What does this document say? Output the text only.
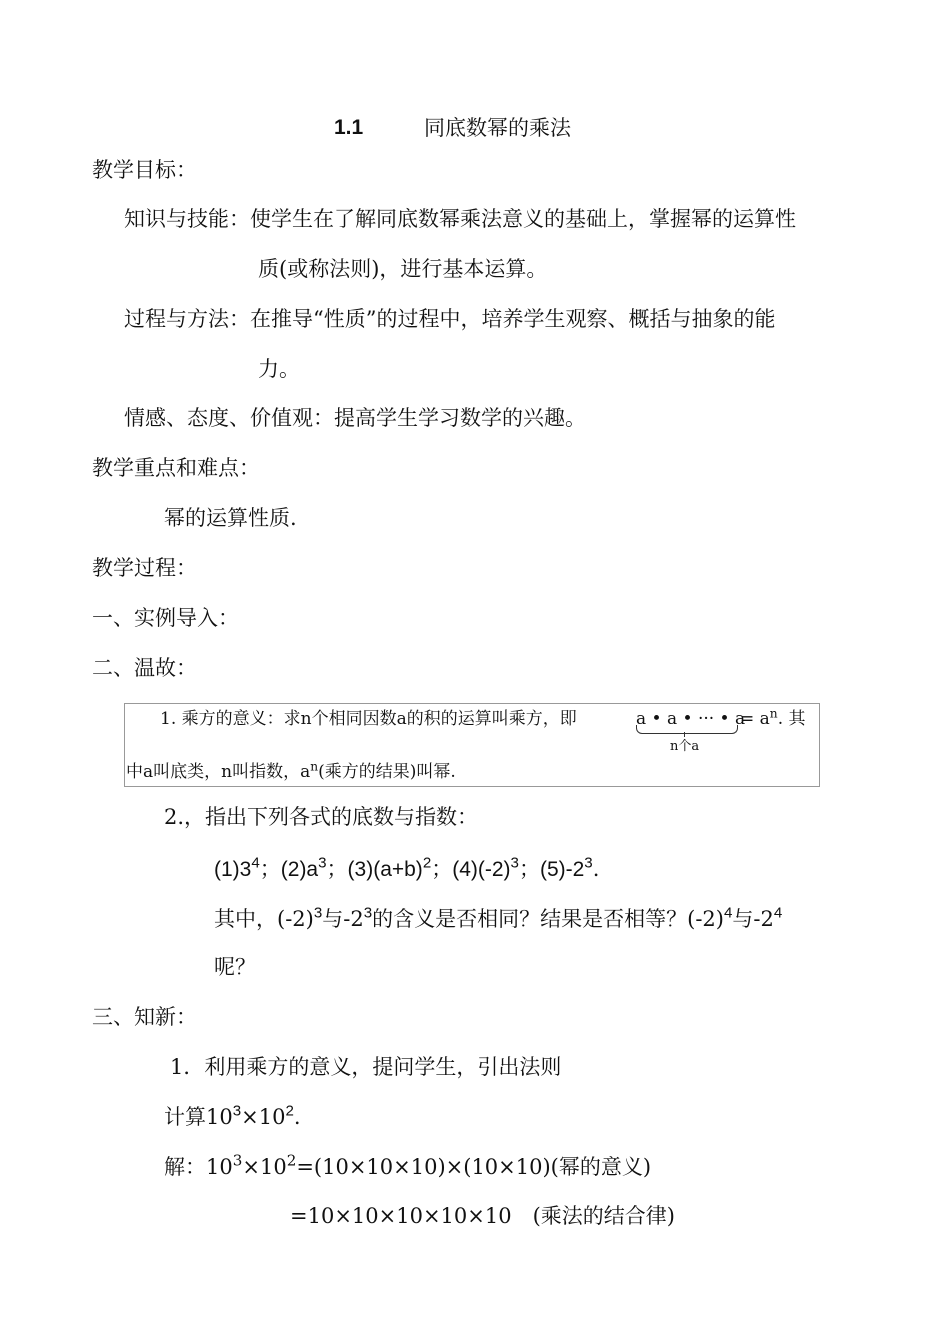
1.1	同底数幂的乘法
教学目标：
知识与技能：使学生在了解同底数幂乘法意义的基础上，掌握幂的运算性
质(或称法则)，进行基本运算。
过程与方法：在推导“性质”的过程中，培养学生观察、概括与抽象的能
力。
情感、态度、价值观：提高学生学习数学的兴趣。
教学重点和难点：
幂的运算性质.
教学过程：
一、实例导入：
二、温故：
1. 乘方的意义：求n个相同因数a的积的运算叫乘方，即	a • a • ··· • a
= $a^n$. 其
n个a
中a叫底类，n叫指数，$a^n$(乘方的结果)叫幂.
2.，指出下列各式的底数与指数：
$(1)3^4$；$(2)a^3$；$(3)(a+b)^2$；$(4)(-2)^3$；$(5)-2^3$.
其中，$(-2)^3$与$-2^3$的含义是否相同？结果是否相等？$(-2)^4$与$-2^4$
呢？
三、知新：
1．利用乘方的意义，提问学生，引出法则
计算$10^3\times 10^2$.
解：$10^3\times 10^2=(10\times 10\times 10)\times(10\times 10)$(幂的意义)
=10×10×10×10×10　(乘法的结合律)
